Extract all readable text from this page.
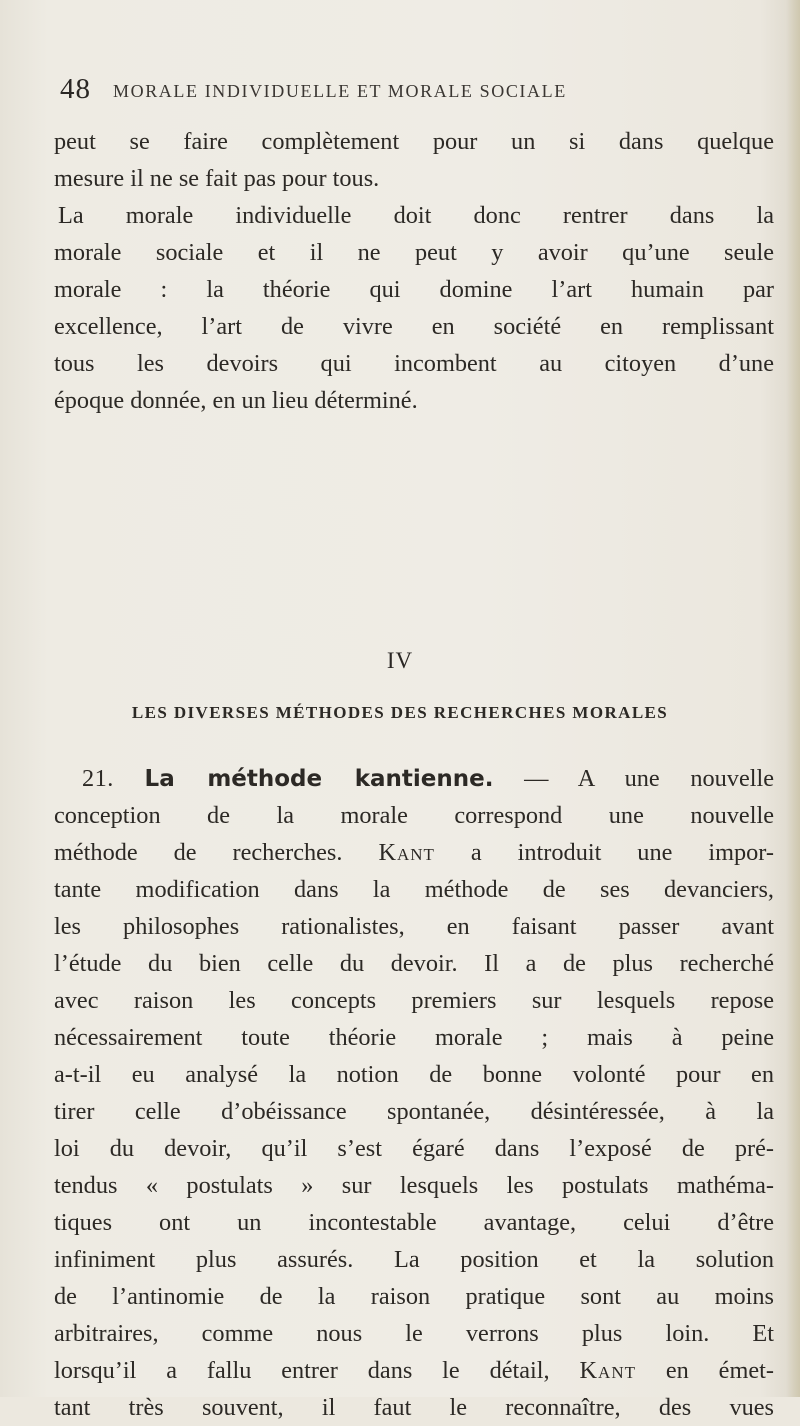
48 MORALE INDIVIDUELLE ET MORALE SOCIALE
peut se faire complètement pour un si dans quelque
mesure il ne se fait pas pour tous.
La morale individuelle doit donc rentrer dans la
morale sociale et il ne peut y avoir qu’une seule
morale : la théorie qui domine l’art humain par
excellence, l’art de vivre en société en remplissant
tous les devoirs qui incombent au citoyen d’une
époque donnée, en un lieu déterminé.
IV
LES DIVERSES MÉTHODES DES RECHERCHES MORALES
21. La méthode kantienne. — A une nouvelle
conception de la morale correspond une nouvelle
méthode de recherches. Kant a introduit une impor-
tante modification dans la méthode de ses devanciers,
les philosophes rationalistes, en faisant passer avant
l’étude du bien celle du devoir. Il a de plus recherché
avec raison les concepts premiers sur lesquels repose
nécessairement toute théorie morale ; mais à peine
a-t-il eu analysé la notion de bonne volonté pour en
tirer celle d’obéissance spontanée, désintéressée, à la
loi du devoir, qu’il s’est égaré dans l’exposé de pré-
tendus « postulats » sur lesquels les postulats mathéma-
tiques ont un incontestable avantage, celui d’être
infiniment plus assurés. La position et la solution
de l’antinomie de la raison pratique sont au moins
arbitraires, comme nous le verrons plus loin. Et
lorsqu’il a fallu entrer dans le détail, Kant en émet-
tant très souvent, il faut le reconnaître, des vues
